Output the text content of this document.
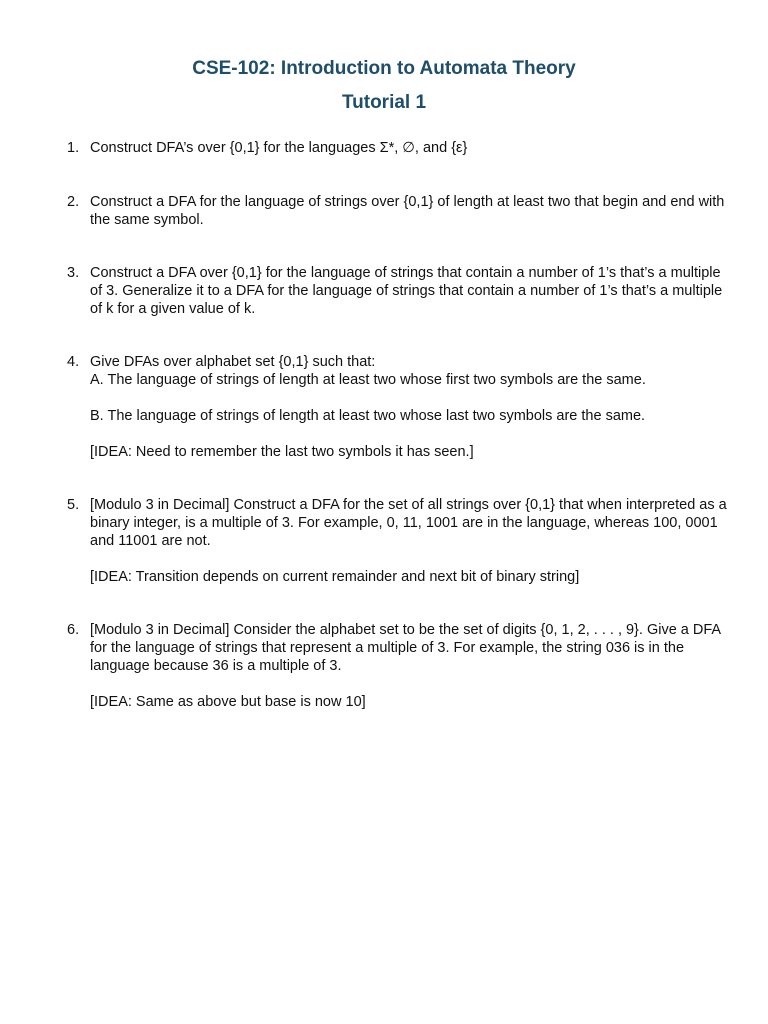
CSE-102: Introduction to Automata Theory
Tutorial 1
1. Construct DFA’s over {0,1} for the languages Σ*, ∅, and {ε}

2. Construct a DFA for the language of strings over {0,1} of length at least two that begin and end with the same symbol.

3. Construct a DFA over {0,1} for the language of strings that contain a number of 1’s that’s a multiple of 3. Generalize it to a DFA for the language of strings that contain a number of 1’s that’s a multiple of k for a given value of k.

4. Give DFAs over alphabet set {0,1} such that:

A. The language of strings of length at least two whose first two symbols are the same.

B. The language of strings of length at least two whose last two symbols are the same.

[IDEA: Need to remember the last two symbols it has seen.]

5. [Modulo 3 in Decimal] Construct a DFA for the set of all strings over {0,1} that when interpreted as a binary integer, is a multiple of 3. For example, 0, 11, 1001 are in the language, whereas 100, 0001 and 11001 are not.

[IDEA: Transition depends on current remainder and next bit of binary string]

6. [Modulo 3 in Decimal] Consider the alphabet set to be the set of digits {0, 1, 2, . . . , 9}. Give a DFA for the language of strings that represent a multiple of 3. For example, the string 036 is in the language because 36 is a multiple of 3.

[IDEA: Same as above but base is now 10]
